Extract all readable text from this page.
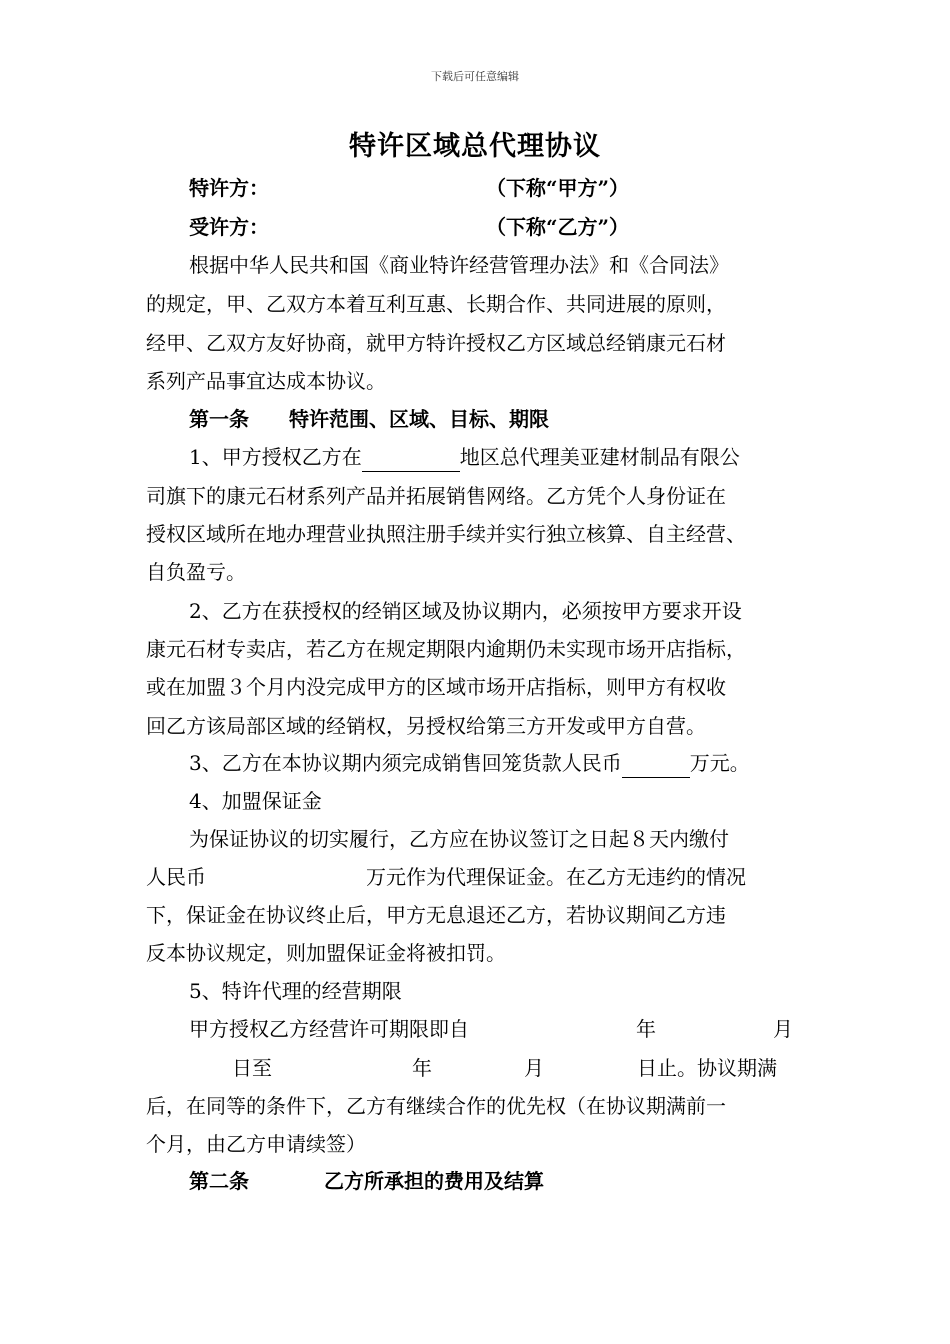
下载后可任意编辑
特许区域总代理协议
特许方：	（下称“甲方”）
受许方：	（下称“乙方”）
根据中华人民共和国《商业特许经营管理办法》和《合同法》
的规定，甲、乙双方本着互利互惠、长期合作、共同进展的原则，
经甲、乙双方友好协商，就甲方特许授权乙方区域总经销康元石材
系列产品事宜达成本协议。
第一条 特许范围、区域、目标、期限
1、甲方授权乙方在	地区总代理美亚建材制品有限公
司旗下的康元石材系列产品并拓展销售网络。乙方凭个人身份证在
授权区域所在地办理营业执照注册手续并实行独立核算、自主经营、
自负盈亏。
2、乙方在获授权的经销区域及协议期内，必须按甲方要求开设
康元石材专卖店，若乙方在规定期限内逾期仍未实现市场开店指标，
或在加盟３个月内没完成甲方的区域市场开店指标，则甲方有权收
回乙方该局部区域的经销权，另授权给第三方开发或甲方自营。
3、乙方在本协议期内须完成销售回笼货款人民币	万元。
4、加盟保证金
为保证协议的切实履行，乙方应在协议签订之日起８天内缴付
人民币	万元作为代理保证金。在乙方无违约的情况
下，保证金在协议终止后，甲方无息退还乙方，若协议期间乙方违
反本协议规定，则加盟保证金将被扣罚。
5、特许代理的经营期限
甲方授权乙方经营许可期限即自	年	月
日至	年	月	日止。协议期满
后，在同等的条件下，乙方有继续合作的优先权（在协议期满前一
个月，由乙方申请续签）
第二条	乙方所承担的费用及结算
